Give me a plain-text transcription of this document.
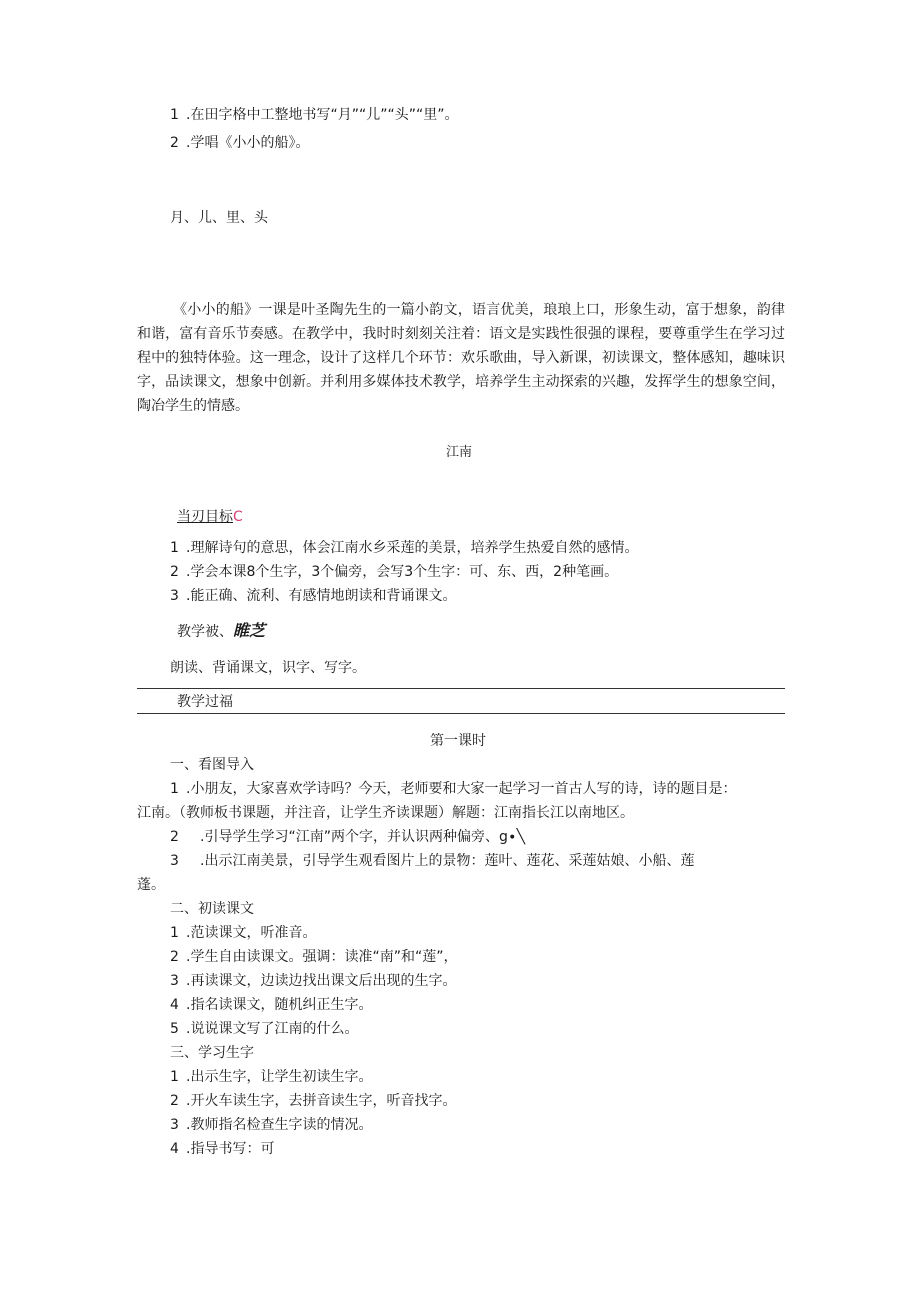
1 .在田字格中工整地书写“月”“儿”“头”“里”。
2 .学唱《小小的船》。
月、儿、里、头
《小小的船》一课是叶圣陶先生的一篇小韵文，语言优美，琅琅上口，形象生动，富于想象，韵律和谐，富有音乐节奏感。在教学中，我时时刻刻关注着：语文是实践性很强的课程，要尊重学生在学习过程中的独特体验。这一理念，设计了这样几个环节：欢乐歌曲，导入新课，初读课文，整体感知，趣味识字，品读课文，想象中创新。并利用多媒体技术教学，培养学生主动探索的兴趣，发挥学生的想象空间，陶冶学生的情感。
江南
当刃目标C
1 .理解诗句的意思，体会江南水乡采莲的美景，培养学生热爱自然的感情。
2 .学会本课8个生字，3个偏旁，会写3个生字：可、东、西，2种笔画。
3 .能正确、流利、有感情地朗读和背诵课文。
教学被、睢芝
朗读、背诵课文，识字、写字。
教学过福
第一课时
一、看图导入
1 .小朋友，大家喜欢学诗吗？今天，老师要和大家一起学习一首古人写的诗，诗的题目是：
江南。（教师板书课题，并注音，让学生齐读课题）解题：江南指长江以南地区。
2 .引导学生学习“江南”两个字，并认识两种偏旁、g∙╲
3 .出示江南美景，引导学生观看图片上的景物：莲叶、莲花、采莲姑娘、小船、莲
蓬。
二、初读课文
1 .范读课文，听准音。
2 .学生自由读课文。强调：读准“南”和“莲”，
3 .再读课文，边读边找出课文后出现的生字。
4 .指名读课文，随机纠正生字。
5 .说说课文写了江南的什么。
三、学习生字
1 .出示生字，让学生初读生字。
2 .开火车读生字，去拼音读生字，听音找字。
3 .教师指名检查生字读的情况。
4 .指导书写：可
